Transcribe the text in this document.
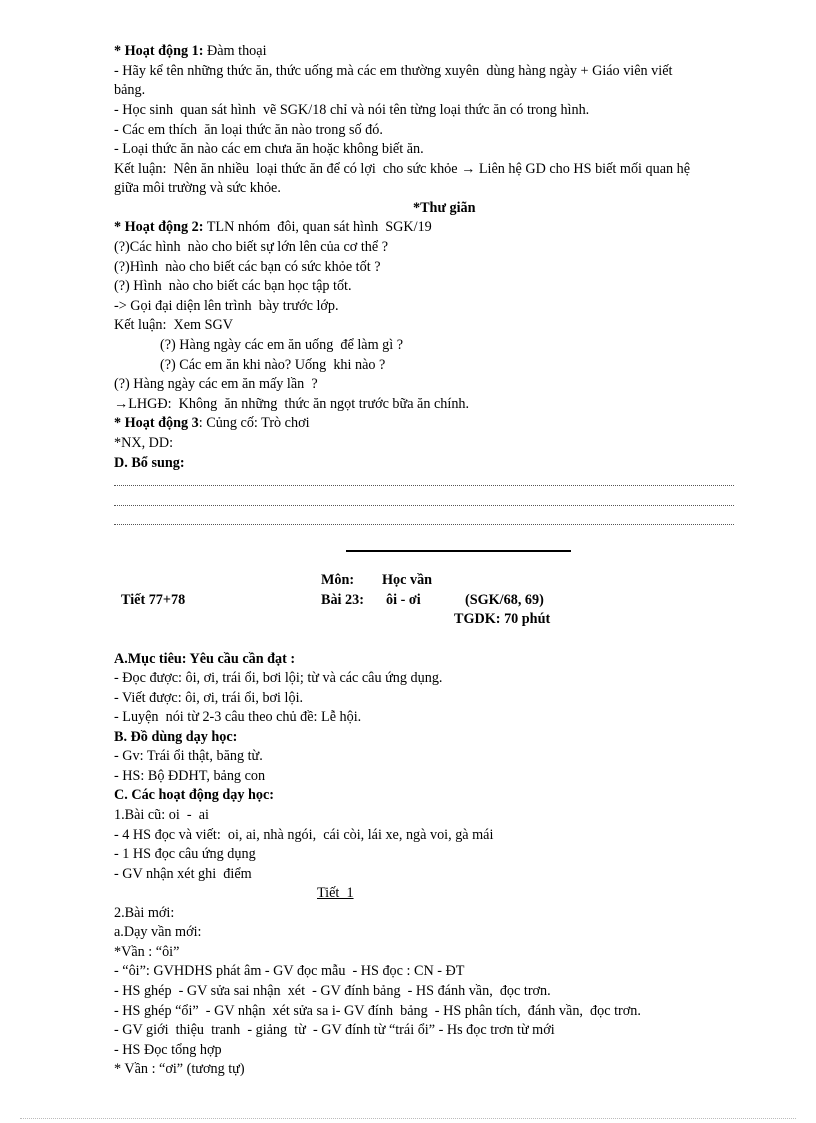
* Hoạt động 1: Đàm thoại
- Hãy kể tên những thức ăn, thức uống mà các em thường xuyên  dùng hàng ngày + Giáo viên viết
bảng.
- Học sinh  quan sát hình  vẽ SGK/18 chỉ và nói tên từng loại thức ăn có trong hình.
- Các em thích  ăn loại thức ăn nào trong số đó.
- Loại thức ăn nào các em chưa ăn hoặc không biết ăn.
Kết luận:  Nên ăn nhiều  loại thức ăn để có lợi  cho sức khỏe → Liên hệ GD cho HS biết mối quan hệ
giữa môi trường và sức khỏe.
*Thư giãn
* Hoạt động 2: TLN nhóm  đôi, quan sát hình  SGK/19
(?)Các hình  nào cho biết sự lớn lên của cơ thể ?
(?)Hình  nào cho biết các bạn có sức khỏe tốt ?
(?) Hình  nào cho biết các bạn học tập tốt.
-> Gọi đại diện lên trình  bày trước lớp.
Kết luận:  Xem SGV
(?) Hàng ngày các em ăn uống  để làm gì ?
(?) Các em ăn khi nào? Uống  khi nào ?
(?) Hàng ngày các em ăn mấy lần  ?
→LHGĐ:  Không  ăn những  thức ăn ngọt trước bữa ăn chính.
* Hoạt động 3: Củng cố: Trò chơi
*NX, DD:
D. Bổ sung:
Môn: Học vần
Tiết 77+78	Bài 23: ôi - ơi	(SGK/68, 69)
TGDK: 70 phút
A.Mục tiêu: Yêu cầu cần đạt :
- Đọc được: ôi, ơi, trái ổi, bơi lội; từ và các câu ứng dụng.
- Viết được: ôi, ơi, trái ổi, bơi lội.
- Luyện  nói từ 2-3 câu theo chủ đề: Lễ hội.
B. Đồ dùng dạy học:
- Gv: Trái ổi thật, băng từ.
- HS: Bộ ĐDHT, bảng con
C. Các hoạt động dạy học:
1.Bài cũ: oi  -  ai
- 4 HS đọc và viết:  oi, ai, nhà ngói,  cái còi, lái xe, ngà voi, gà mái
- 1 HS đọc câu ứng dụng
- GV nhận xét ghi  điểm
Tiết  1
2.Bài mới:
a.Dạy vần mới:
*Vần : “ôi”
- “ôi”: GVHDHS phát âm - GV đọc mẫu  - HS đọc : CN - ĐT
- HS ghép  - GV sửa sai nhận  xét  - GV đính bảng  - HS đánh vần,  đọc trơn.
- HS ghép “ổi”  - GV nhận  xét sửa sa i- GV đính  bảng  - HS phân tích,  đánh vần,  đọc trơn.
- GV giới  thiệu  tranh  - giảng  từ  - GV đính từ “trái ổi” - Hs đọc trơn từ mới
- HS Đọc tổng hợp
* Vần : “ơi” (tương tự)
